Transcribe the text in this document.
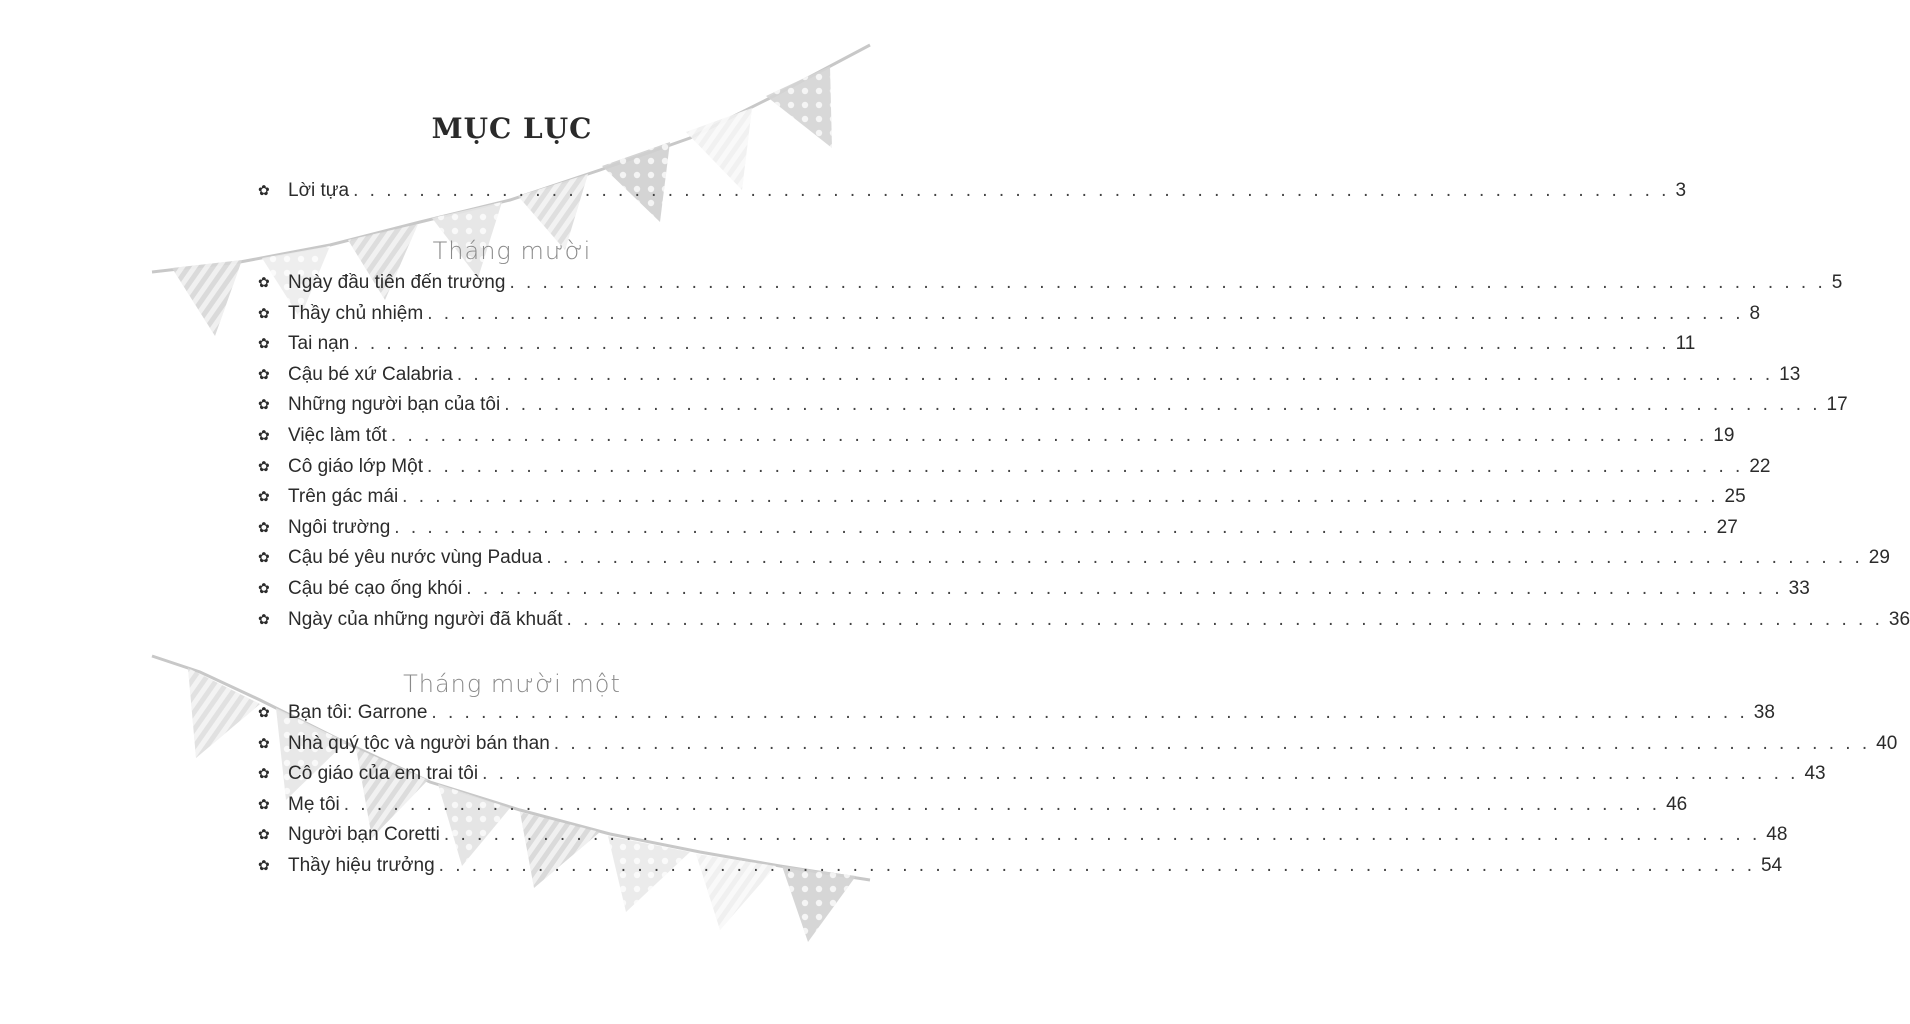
MỤC LỤC
✿ Lời tựa . . . . . . . . . . . . . . . . . . . . . . . . . . . . . . . . . . . . . . . . . . . . . . . . . . . . . . . . . . . . . . . . . . . . . . . . . . . . . . . . 3
Tháng mười
✿ Ngày đầu tiên đến trường . . . . . . . . . . . . . . . . . . . . . . . . . . . . . . . . . . . . . . . . . . . . . . . . . . . . . . . . . . . . . . . . . . . . . . . . . . . . . . . . 5
✿ Thầy chủ nhiệm . . . . . . . . . . . . . . . . . . . . . . . . . . . . . . . . . . . . . . . . . . . . . . . . . . . . . . . . . . . . . . . . . . . . . . . . . . . . . . . . 8
✿ Tai nạn . . . . . . . . . . . . . . . . . . . . . . . . . . . . . . . . . . . . . . . . . . . . . . . . . . . . . . . . . . . . . . . . . . . . . . . . . . . . . . . . 11
✿ Cậu bé xứ Calabria . . . . . . . . . . . . . . . . . . . . . . . . . . . . . . . . . . . . . . . . . . . . . . . . . . . . . . . . . . . . . . . . . . . . . . . . . . . . . . . . 13
✿ Những người bạn của tôi . . . . . . . . . . . . . . . . . . . . . . . . . . . . . . . . . . . . . . . . . . . . . . . . . . . . . . . . . . . . . . . . . . . . . . . . . . . . . . . . 17
✿ Việc làm tốt . . . . . . . . . . . . . . . . . . . . . . . . . . . . . . . . . . . . . . . . . . . . . . . . . . . . . . . . . . . . . . . . . . . . . . . . . . . . . . . . 19
✿ Cô giáo lớp Một . . . . . . . . . . . . . . . . . . . . . . . . . . . . . . . . . . . . . . . . . . . . . . . . . . . . . . . . . . . . . . . . . . . . . . . . . . . . . . . . 22
✿ Trên gác mái . . . . . . . . . . . . . . . . . . . . . . . . . . . . . . . . . . . . . . . . . . . . . . . . . . . . . . . . . . . . . . . . . . . . . . . . . . . . . . . . 25
✿ Ngôi trường . . . . . . . . . . . . . . . . . . . . . . . . . . . . . . . . . . . . . . . . . . . . . . . . . . . . . . . . . . . . . . . . . . . . . . . . . . . . . . . . 27
✿ Cậu bé yêu nước vùng Padua . . . . . . . . . . . . . . . . . . . . . . . . . . . . . . . . . . . . . . . . . . . . . . . . . . . . . . . . . . . . . . . . . . . . . . . . . . . . . . . . 29
✿ Cậu bé cạo ống khói . . . . . . . . . . . . . . . . . . . . . . . . . . . . . . . . . . . . . . . . . . . . . . . . . . . . . . . . . . . . . . . . . . . . . . . . . . . . . . . . 33
✿ Ngày của những người đã khuất . . . . . . . . . . . . . . . . . . . . . . . . . . . . . . . . . . . . . . . . . . . . . . . . . . . . . . . . . . . . . . . . . . . . . . . . . . . . . . . . 36
Tháng mười một
✿ Bạn tôi: Garrone . . . . . . . . . . . . . . . . . . . . . . . . . . . . . . . . . . . . . . . . . . . . . . . . . . . . . . . . . . . . . . . . . . . . . . . . . . . . . . . . 38
✿ Nhà quý tộc và người bán than . . . . . . . . . . . . . . . . . . . . . . . . . . . . . . . . . . . . . . . . . . . . . . . . . . . . . . . . . . . . . . . . . . . . . . . . . . . . . . . . 40
✿ Cô giáo của em trai tôi . . . . . . . . . . . . . . . . . . . . . . . . . . . . . . . . . . . . . . . . . . . . . . . . . . . . . . . . . . . . . . . . . . . . . . . . . . . . . . . . 43
✿ Mẹ tôi . . . . . . . . . . . . . . . . . . . . . . . . . . . . . . . . . . . . . . . . . . . . . . . . . . . . . . . . . . . . . . . . . . . . . . . . . . . . . . . . 46
✿ Người bạn Coretti . . . . . . . . . . . . . . . . . . . . . . . . . . . . . . . . . . . . . . . . . . . . . . . . . . . . . . . . . . . . . . . . . . . . . . . . . . . . . . . . 48
✿ Thầy hiệu trưởng . . . . . . . . . . . . . . . . . . . . . . . . . . . . . . . . . . . . . . . . . . . . . . . . . . . . . . . . . . . . . . . . . . . . . . . . . . . . . . . . 54
